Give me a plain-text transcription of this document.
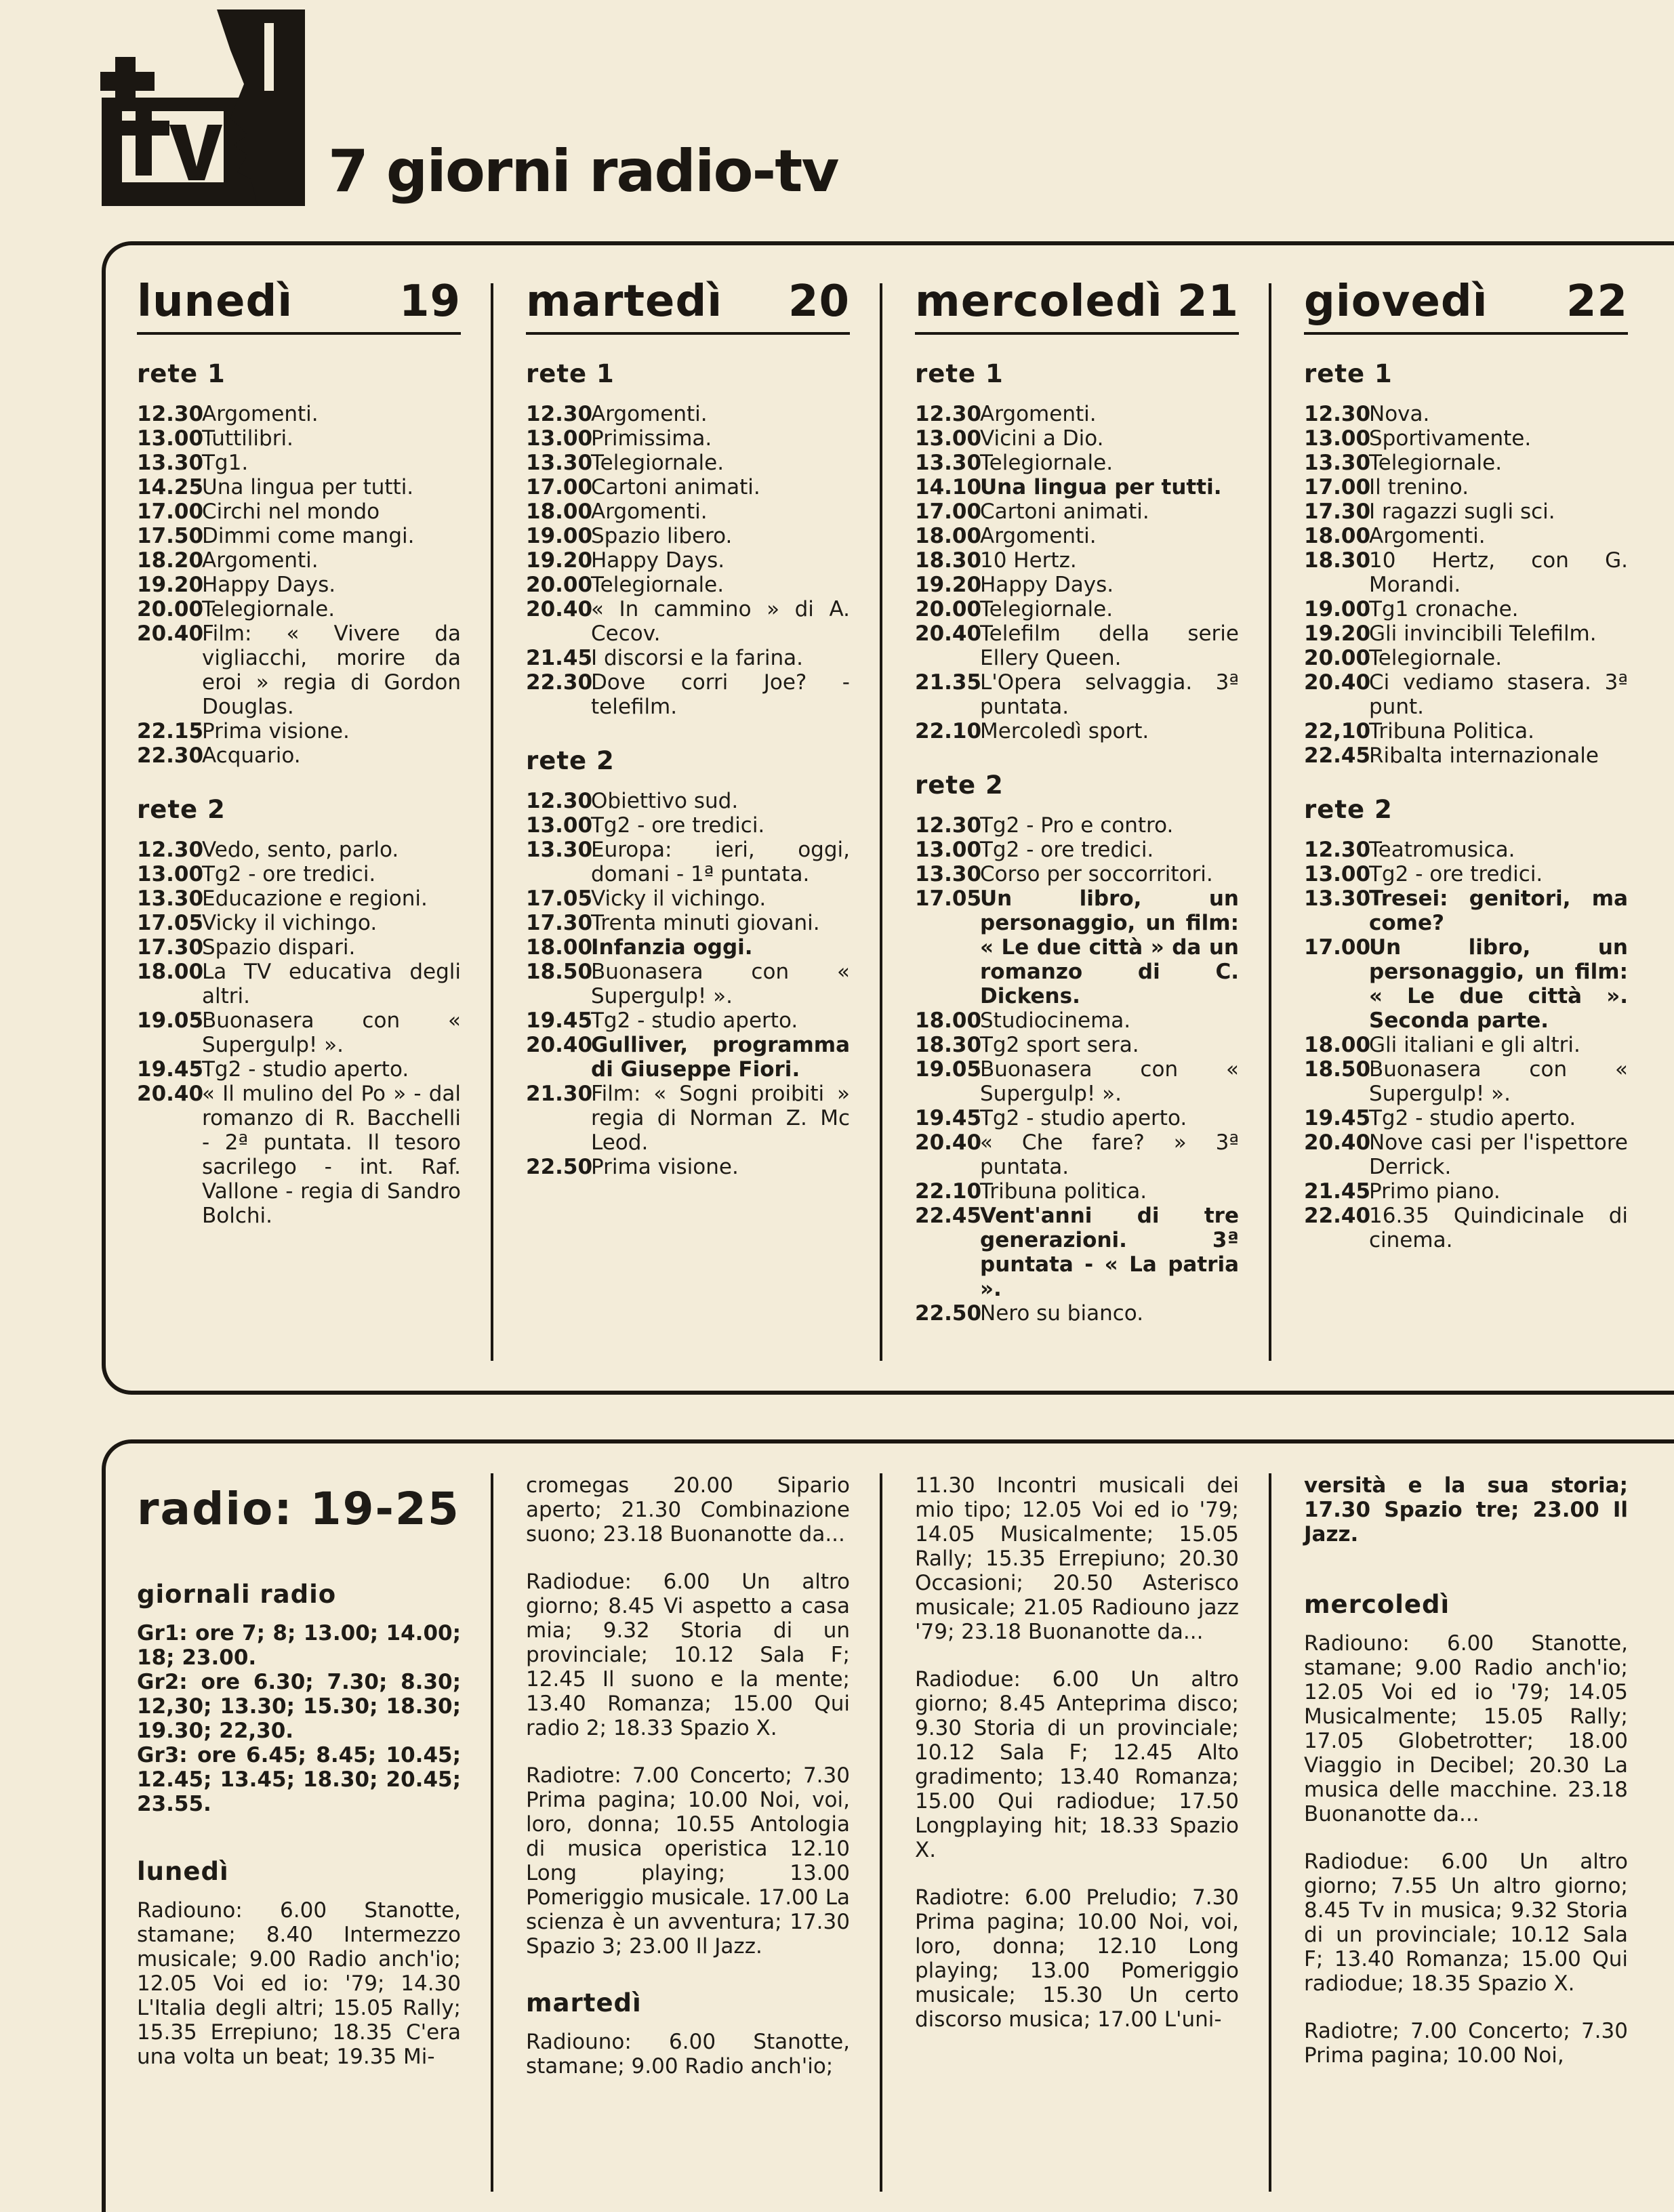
tv
7 giorni radio-tv
lunedì 19
rete 1
12.30
Argomenti.
13.00
Tuttilibri.
13.30
Tg1.
14.25
Una lingua per tutti.
17.00
Circhi nel mondo
17.50
Dimmi come mangi.
18.20
Argomenti.
19.20
Happy Days.
20.00
Telegiornale.
20.40
Film: « Vivere da vigliacchi, morire da eroi » regia di Gordon Douglas.
22.15
Prima visione.
22.30
Acquario.
rete 2
12.30
Vedo, sento, parlo.
13.00
Tg2 - ore tredici.
13.30
Educazione e regioni.
17.05
Vicky il vichingo.
17.30
Spazio dispari.
18.00
La TV educativa degli altri.
19.05
Buonasera con « Supergulp! ».
19.45
Tg2 - studio aperto.
20.40
« Il mulino del Po » - dal romanzo di R. Bacchelli - 2ª puntata. Il tesoro sacrilego - int. Raf. Vallone - regia di Sandro Bolchi.
martedì 20
rete 1
12.30
Argomenti.
13.00
Primissima.
13.30
Telegiornale.
17.00
Cartoni animati.
18.00
Argomenti.
19.00
Spazio libero.
19.20
Happy Days.
20.00
Telegiornale.
20.40
« In cammino » di A. Cecov.
21.45
I discorsi e la farina.
22.30
Dove corri Joe? - telefilm.
rete 2
12.30
Obiettivo sud.
13.00
Tg2 - ore tredici.
13.30
Europa: ieri, oggi, domani - 1ª puntata.
17.05
Vicky il vichingo.
17.30
Trenta minuti giovani.
18.00
Infanzia oggi.
18.50
Buonasera con « Supergulp! ».
19.45
Tg2 - studio aperto.
20.40
Gulliver, programma di Giuseppe Fiori.
21.30
Film: « Sogni proibiti » regia di Norman Z. Mc Leod.
22.50
Prima visione.
mercoledì 21
rete 1
12.30
Argomenti.
13.00
Vicini a Dio.
13.30
Telegiornale.
14.10
Una lingua per tutti.
17.00
Cartoni animati.
18.00
Argomenti.
18.30
10 Hertz.
19.20
Happy Days.
20.00
Telegiornale.
20.40
Telefilm della serie Ellery Queen.
21.35
L'Opera selvaggia. 3ª puntata.
22.10
Mercoledì sport.
rete 2
12.30
Tg2 - Pro e contro.
13.00
Tg2 - ore tredici.
13.30
Corso per soccorritori.
17.05
Un libro, un personaggio, un film: « Le due città » da un romanzo di C. Dickens.
18.00
Studiocinema.
18.30
Tg2 sport sera.
19.05
Buonasera con « Supergulp! ».
19.45
Tg2 - studio aperto.
20.40
« Che fare? » 3ª puntata.
22.10
Tribuna politica.
22.45
Vent'anni di tre generazioni. 3ª puntata - « La patria ».
22.50
Nero su bianco.
giovedì 22
rete 1
12.30
Nova.
13.00
Sportivamente.
13.30
Telegiornale.
17.00
Il trenino.
17.30
I ragazzi sugli sci.
18.00
Argomenti.
18.30
10 Hertz, con G. Morandi.
19.00
Tg1 cronache.
19.20
Gli invincibili Telefilm.
20.00
Telegiornale.
20.40
Ci vediamo stasera. 3ª punt.
22,10
Tribuna Politica.
22.45
Ribalta internazionale
rete 2
12.30
Teatromusica.
13.00
Tg2 - ore tredici.
13.30
Tresei: genitori, ma come?
17.00
Un libro, un personaggio, un film: « Le due città ». Seconda parte.
18.00
Gli italiani e gli altri.
18.50
Buonasera con « Supergulp! ».
19.45
Tg2 - studio aperto.
20.40
Nove casi per l'ispettore Derrick.
21.45
Primo piano.
22.40
16.35 Quindicinale di cinema.
radio: 19-25
giornali radio

Gr1: ore 7; 8; 13.00; 14.00; 18; 23.00.

Gr2: ore 6.30; 7.30; 8.30; 12,30; 13.30; 15.30; 18.30; 19.30; 22,30.

Gr3: ore 6.45; 8.45; 10.45; 12.45; 13.45; 18.30; 20.45; 23.55.

lunedì

Radiouno: 6.00 Stanotte, stamane; 8.40 Intermezzo musicale; 9.00 Radio anch'io; 12.05 Voi ed io: '79; 14.30 L'Italia degli altri; 15.05 Rally; 15.35 Errepiuno; 18.35 C'era una volta un beat; 19.35 Mi-

cromegas 20.00 Sipario aperto; 21.30 Combinazione suono; 23.18 Buonanotte da...

Radiodue: 6.00 Un altro giorno; 8.45 Vi aspetto a casa mia; 9.32 Storia di un provinciale; 10.12 Sala F; 12.45 Il suono e la mente; 13.40 Romanza; 15.00 Qui radio 2; 18.33 Spazio X.

Radiotre: 7.00 Concerto; 7.30 Prima pagina; 10.00 Noi, voi, loro, donna; 10.55 Antologia di musica operistica 12.10 Long playing; 13.00 Pomeriggio musicale. 17.00 La scienza è un avventura; 17.30 Spazio 3; 23.00 Il Jazz.

martedì

Radiouno: 6.00 Stanotte, stamane; 9.00 Radio anch'io;

11.30 Incontri musicali dei mio tipo; 12.05 Voi ed io '79; 14.05 Musicalmente; 15.05 Rally; 15.35 Errepiuno; 20.30 Occasioni; 20.50 Asterisco musicale; 21.05 Radiouno jazz '79; 23.18 Buonanotte da...

Radiodue: 6.00 Un altro giorno; 8.45 Anteprima disco; 9.30 Storia di un provinciale; 10.12 Sala F; 12.45 Alto gradimento; 13.40 Romanza; 15.00 Qui radiodue; 17.50 Longplaying hit; 18.33 Spazio X.

Radiotre: 6.00 Preludio; 7.30 Prima pagina; 10.00 Noi, voi, loro, donna; 12.10 Long playing; 13.00 Pomeriggio musicale; 15.30 Un certo discorso musica; 17.00 L'uni-

versità e la sua storia; 17.30 Spazio tre; 23.00 Il Jazz.

mercoledì

Radiouno: 6.00 Stanotte, stamane; 9.00 Radio anch'io; 12.05 Voi ed io '79; 14.05 Musicalmente; 15.05 Rally; 17.05 Globetrotter; 18.00 Viaggio in Decibel; 20.30 La musica delle macchine. 23.18 Buonanotte da...

Radiodue: 6.00 Un altro giorno; 7.55 Un altro giorno; 8.45 Tv in musica; 9.32 Storia di un provinciale; 10.12 Sala F; 13.40 Romanza; 15.00 Qui radiodue; 18.35 Spazio X.

Radiotre; 7.00 Concerto; 7.30 Prima pagina; 10.00 Noi,
